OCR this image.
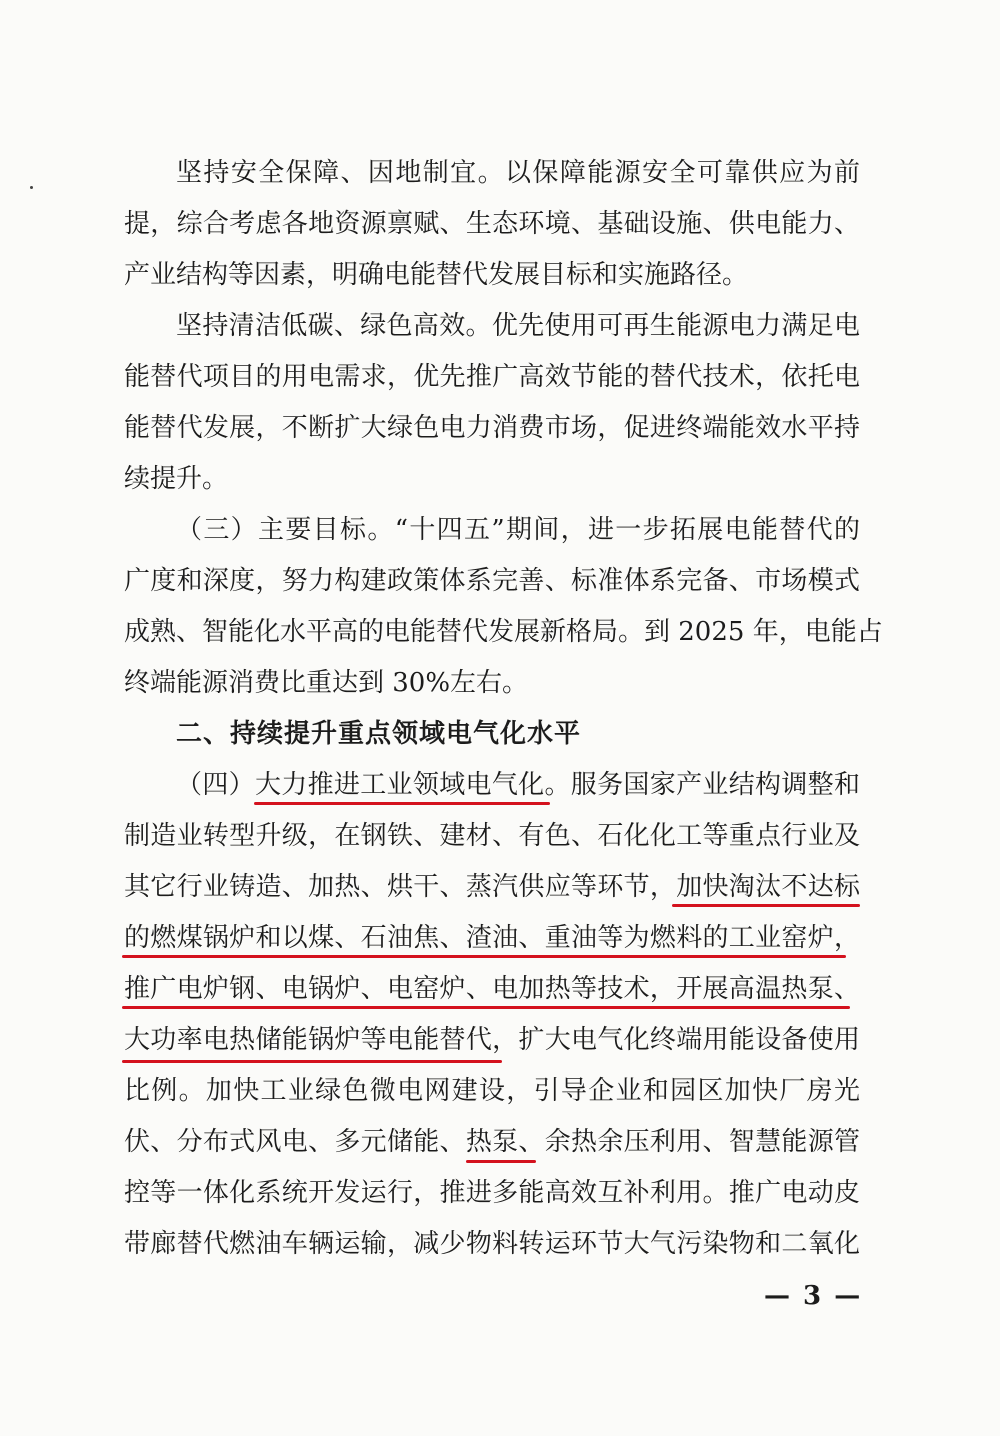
坚持安全保障、因地制宜。以保障能源安全可靠供应为前
提，综合考虑各地资源禀赋、生态环境、基础设施、供电能力、
产业结构等因素，明确电能替代发展目标和实施路径。
坚持清洁低碳、绿色高效。优先使用可再生能源电力满足电
能替代项目的用电需求，优先推广高效节能的替代技术，依托电
能替代发展，不断扩大绿色电力消费市场，促进终端能效水平持
续提升。
（三）主要目标。“十四五”期间，进一步拓展电能替代的
广度和深度，努力构建政策体系完善、标准体系完备、市场模式
成熟、智能化水平高的电能替代发展新格局。到 2025 年，电能占
终端能源消费比重达到 30%左右。
二、持续提升重点领域电气化水平
（四）大力推进工业领域电气化。服务国家产业结构调整和
制造业转型升级，在钢铁、建材、有色、石化化工等重点行业及
其它行业铸造、加热、烘干、蒸汽供应等环节，加快淘汰不达标
的燃煤锅炉和以煤、石油焦、渣油、重油等为燃料的工业窑炉，
推广电炉钢、电锅炉、电窑炉、电加热等技术，开展高温热泵、
大功率电热储能锅炉等电能替代，扩大电气化终端用能设备使用
比例。加快工业绿色微电网建设，引导企业和园区加快厂房光
伏、分布式风电、多元储能、热泵、余热余压利用、智慧能源管
控等一体化系统开发运行，推进多能高效互补利用。推广电动皮
带廊替代燃油车辆运输，减少物料转运环节大气污染物和二氧化
— 3 —
